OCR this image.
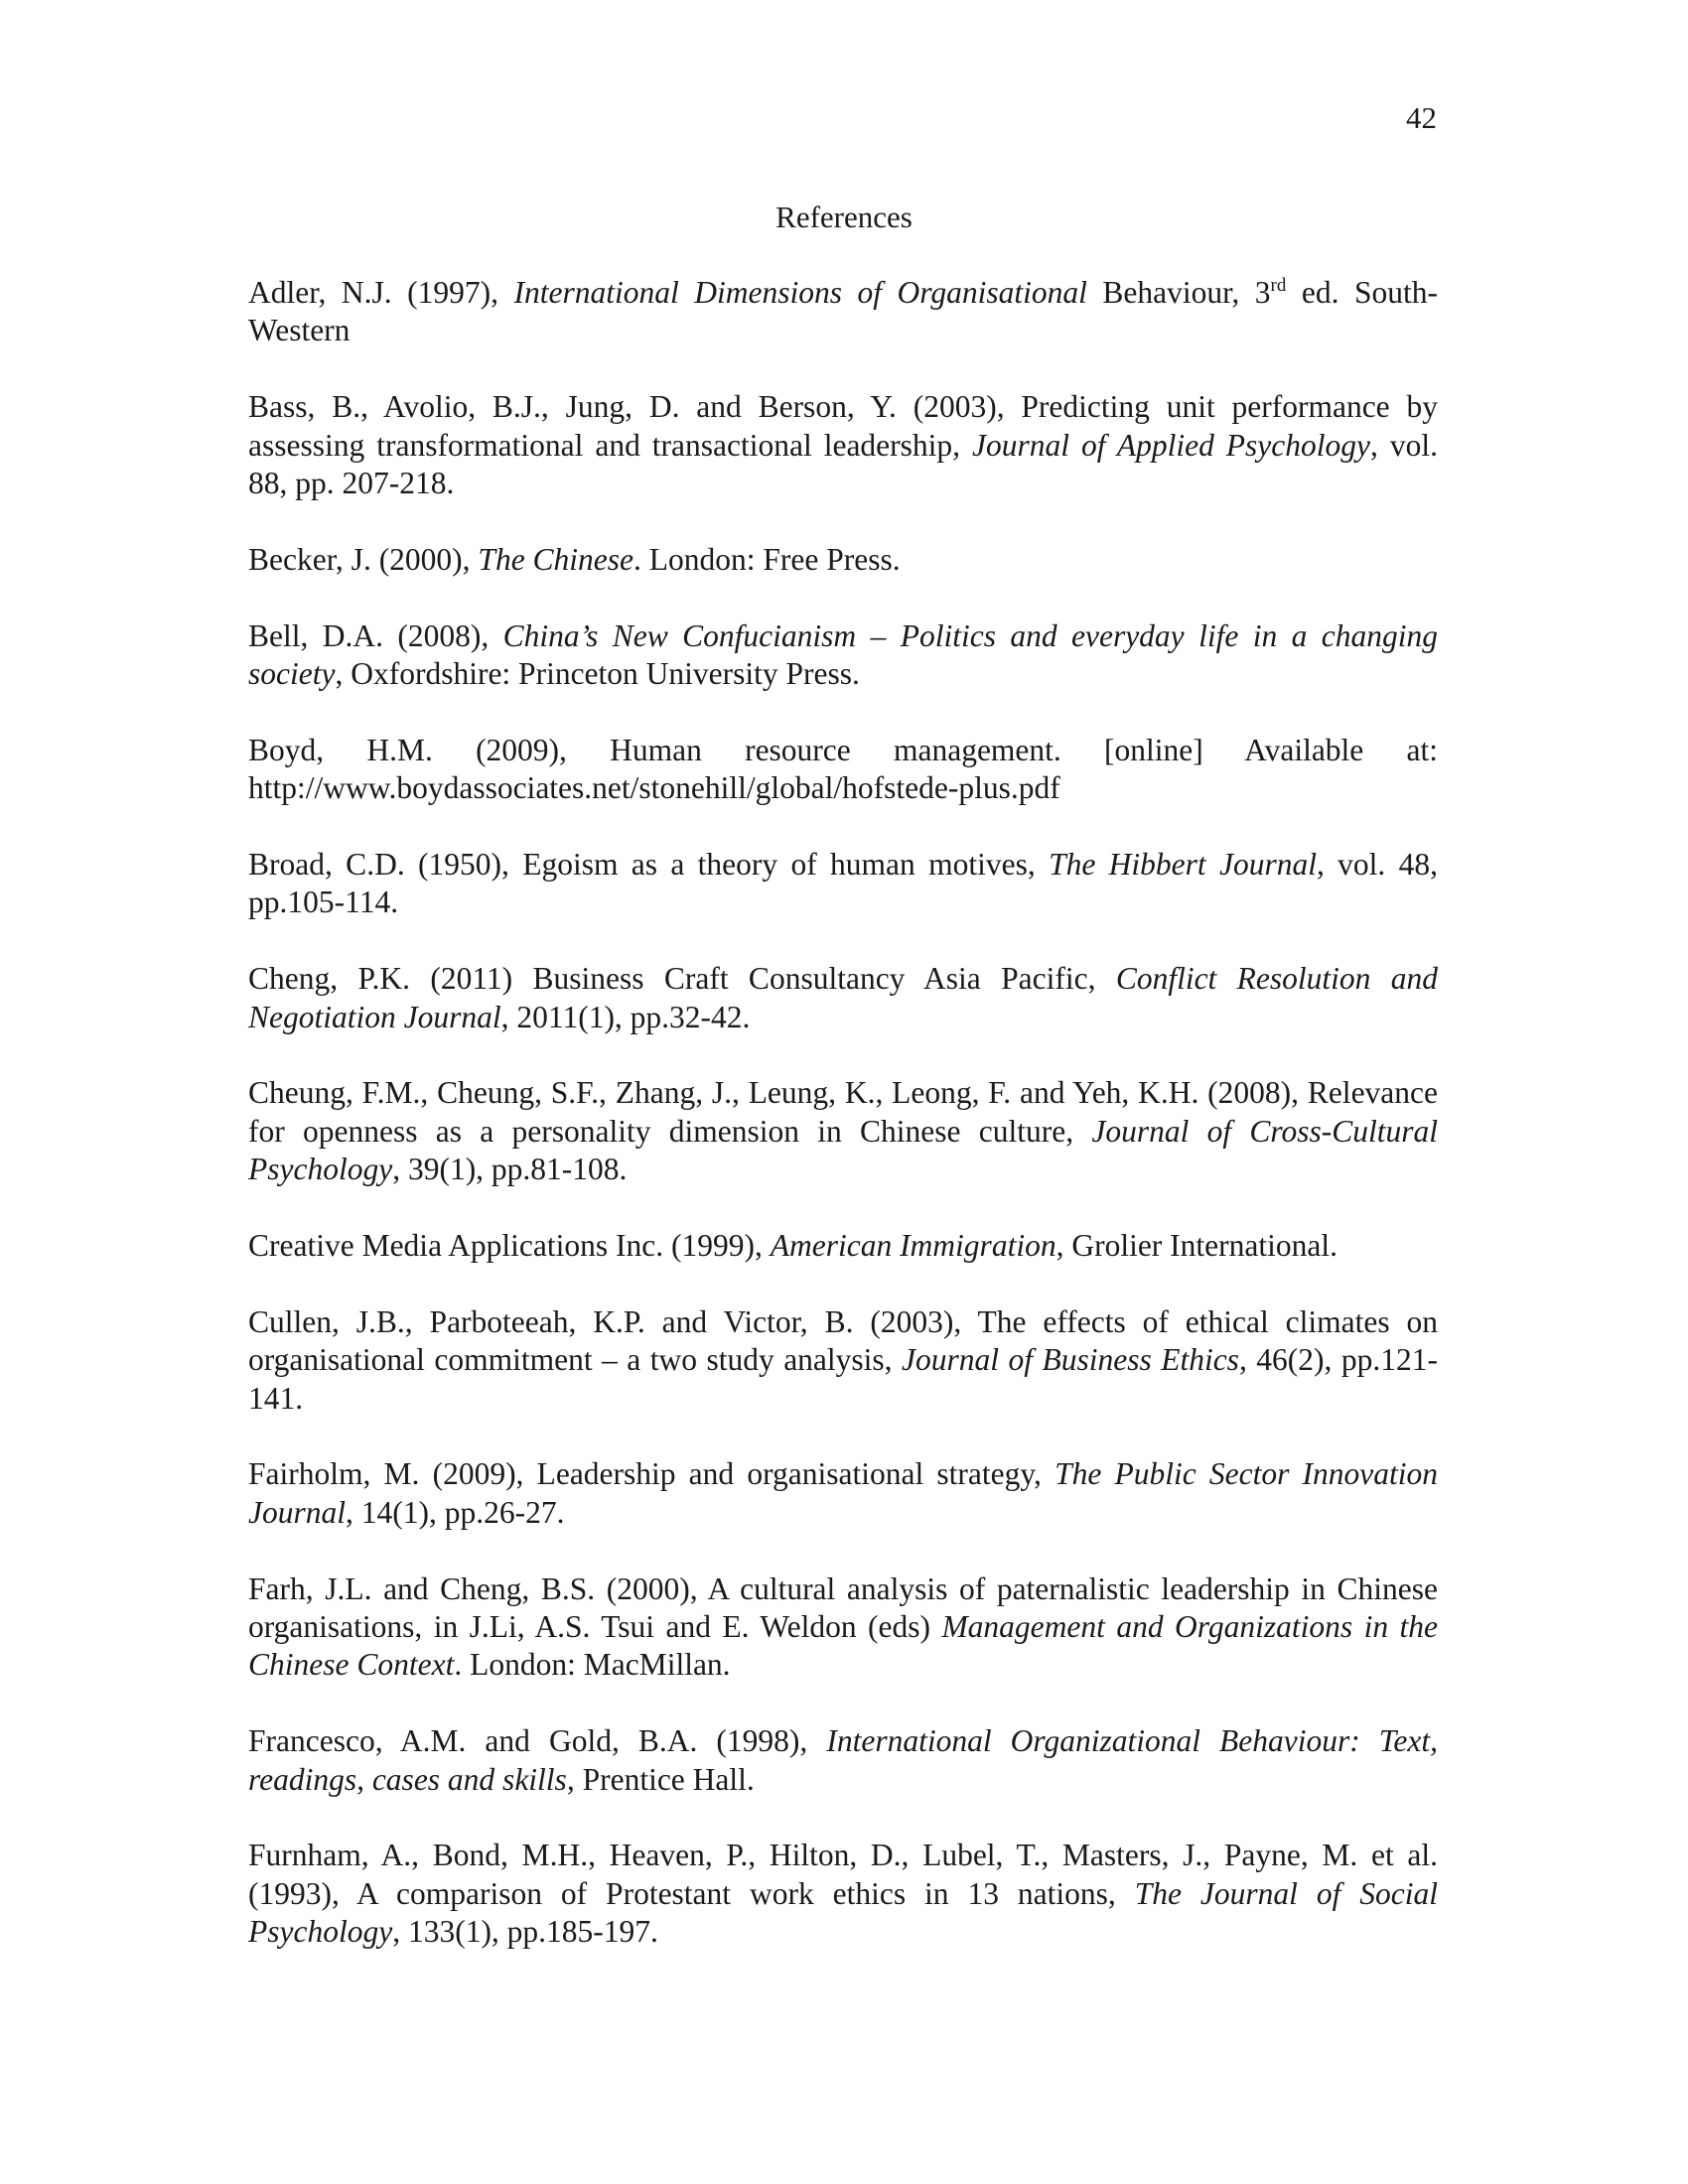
42
References

Adler, N.J. (1997), International Dimensions of Organisational Behaviour, 3rd ed. South-Western

Bass, B., Avolio, B.J., Jung, D. and Berson, Y. (2003), Predicting unit performance by assessing transformational and transactional leadership, Journal of Applied Psychology, vol. 88, pp. 207-218.

Becker, J. (2000), The Chinese. London: Free Press.

Bell, D.A. (2008), China’s New Confucianism – Politics and everyday life in a changing society, Oxfordshire: Princeton University Press.

Boyd, H.M. (2009), Human resource management. [online] Available at: http://www.boydassociates.net/stonehill/global/hofstede-plus.pdf

Broad, C.D. (1950), Egoism as a theory of human motives, The Hibbert Journal, vol. 48, pp.105-114.

Cheng, P.K. (2011) Business Craft Consultancy Asia Pacific, Conflict Resolution and Negotiation Journal, 2011(1), pp.32-42.

Cheung, F.M., Cheung, S.F., Zhang, J., Leung, K., Leong, F. and Yeh, K.H. (2008), Relevance for openness as a personality dimension in Chinese culture, Journal of Cross-Cultural Psychology, 39(1), pp.81-108.

Creative Media Applications Inc. (1999), American Immigration, Grolier International.

Cullen, J.B., Parboteeah, K.P. and Victor, B. (2003), The effects of ethical climates on organisational commitment – a two study analysis, Journal of Business Ethics, 46(2), pp.121-141.

Fairholm, M. (2009), Leadership and organisational strategy, The Public Sector Innovation Journal, 14(1), pp.26-27.

Farh, J.L. and Cheng, B.S. (2000), A cultural analysis of paternalistic leadership in Chinese organisations, in J.Li, A.S. Tsui and E. Weldon (eds) Management and Organizations in the Chinese Context. London: MacMillan.

Francesco, A.M. and Gold, B.A. (1998), International Organizational Behaviour: Text, readings, cases and skills, Prentice Hall.

Furnham, A., Bond, M.H., Heaven, P., Hilton, D., Lubel, T., Masters, J., Payne, M. et al. (1993), A comparison of Protestant work ethics in 13 nations, The Journal of Social Psychology, 133(1), pp.185-197.
